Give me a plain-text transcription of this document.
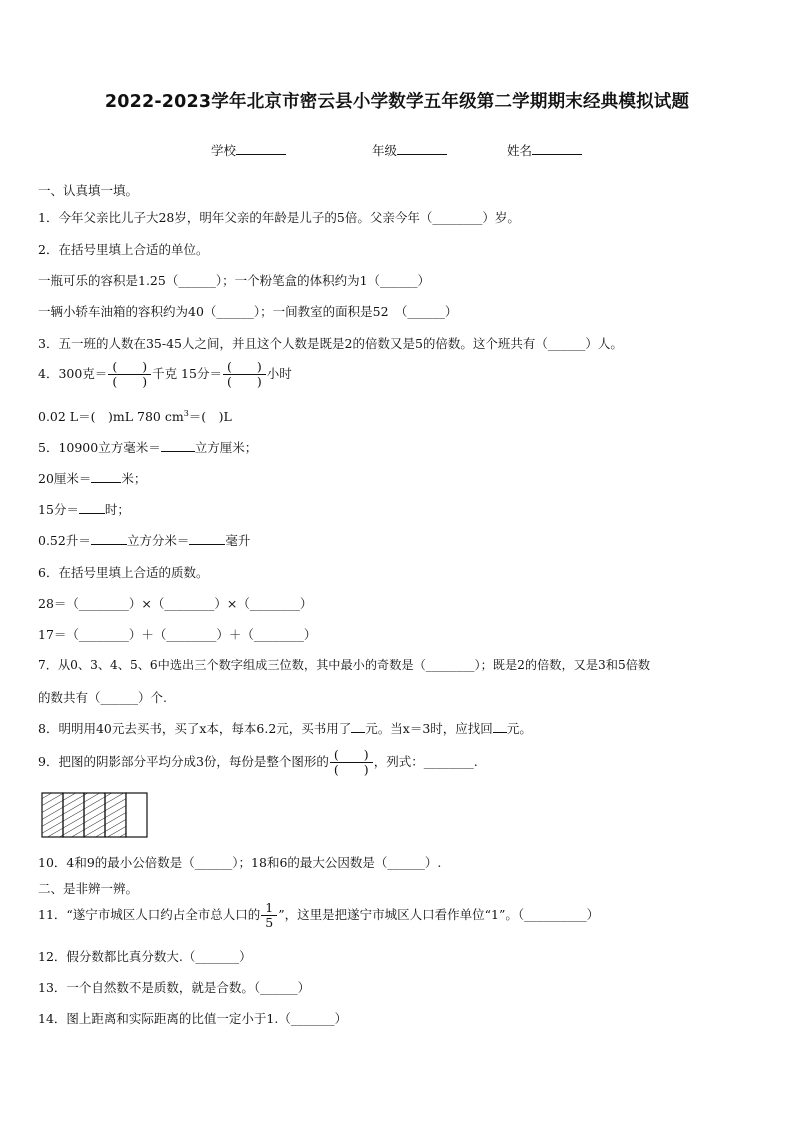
2022-2023学年北京市密云县小学数学五年级第二学期期末经典模拟试题
学校	年级	姓名
一、认真填一填。
1．今年父亲比儿子大28岁，明年父亲的年龄是儿子的5倍。父亲今年（________）岁。
2．在括号里填上合适的单位。
一瓶可乐的容积是1.25（______）；一个粉笔盒的体积约为1（______）
一辆小轿车油箱的容积约为40（______）；一间教室的面积是52　（______）
3．五一班的人数在35-45人之间，并且这个人数是既是2的倍数又是5的倍数。这个班共有（______）人。
4．300克＝ $\frac{( )}{( )}$ 千克 15分＝ $\frac{( )}{( )}$ 小时
0.02 L＝(　)mL 780 $cm^3=$(　)L
5．10900立方毫米＝	立方厘米；
20厘米＝ 米；
15分＝ 时；
0.52升＝	立方分米＝	毫升
6．在括号里填上合适的质数。
28＝（________）×（________）×（________）
17＝（________）＋（________）＋（________）
7．从0、3、4、5、6中选出三个数字组成三位数，其中最小的奇数是（________）；既是2的倍数，又是3和5倍数
的数共有（______）个.
8．明明用40元去买书，买了x本，每本6.2元，买书用了 元。当x＝3时，应找回 元。
9．把图的阴影部分平均分成3份，每份是整个图形的 $\frac{( )}{( )}$ ，列式：________.
10．4和9的最小公倍数是（______）；18和6的最大公因数是（______）.
二、是非辨一辨。
11．“遂宁市城区人口约占全市总人口的 $\frac{1}{5}$ ”，这里是把遂宁市城区人口看作单位“1”。（__________）
12．假分数都比真分数大.（_______）
13．一个自然数不是质数，就是合数。（______）
14．图上距离和实际距离的比值一定小于1.（_______）
